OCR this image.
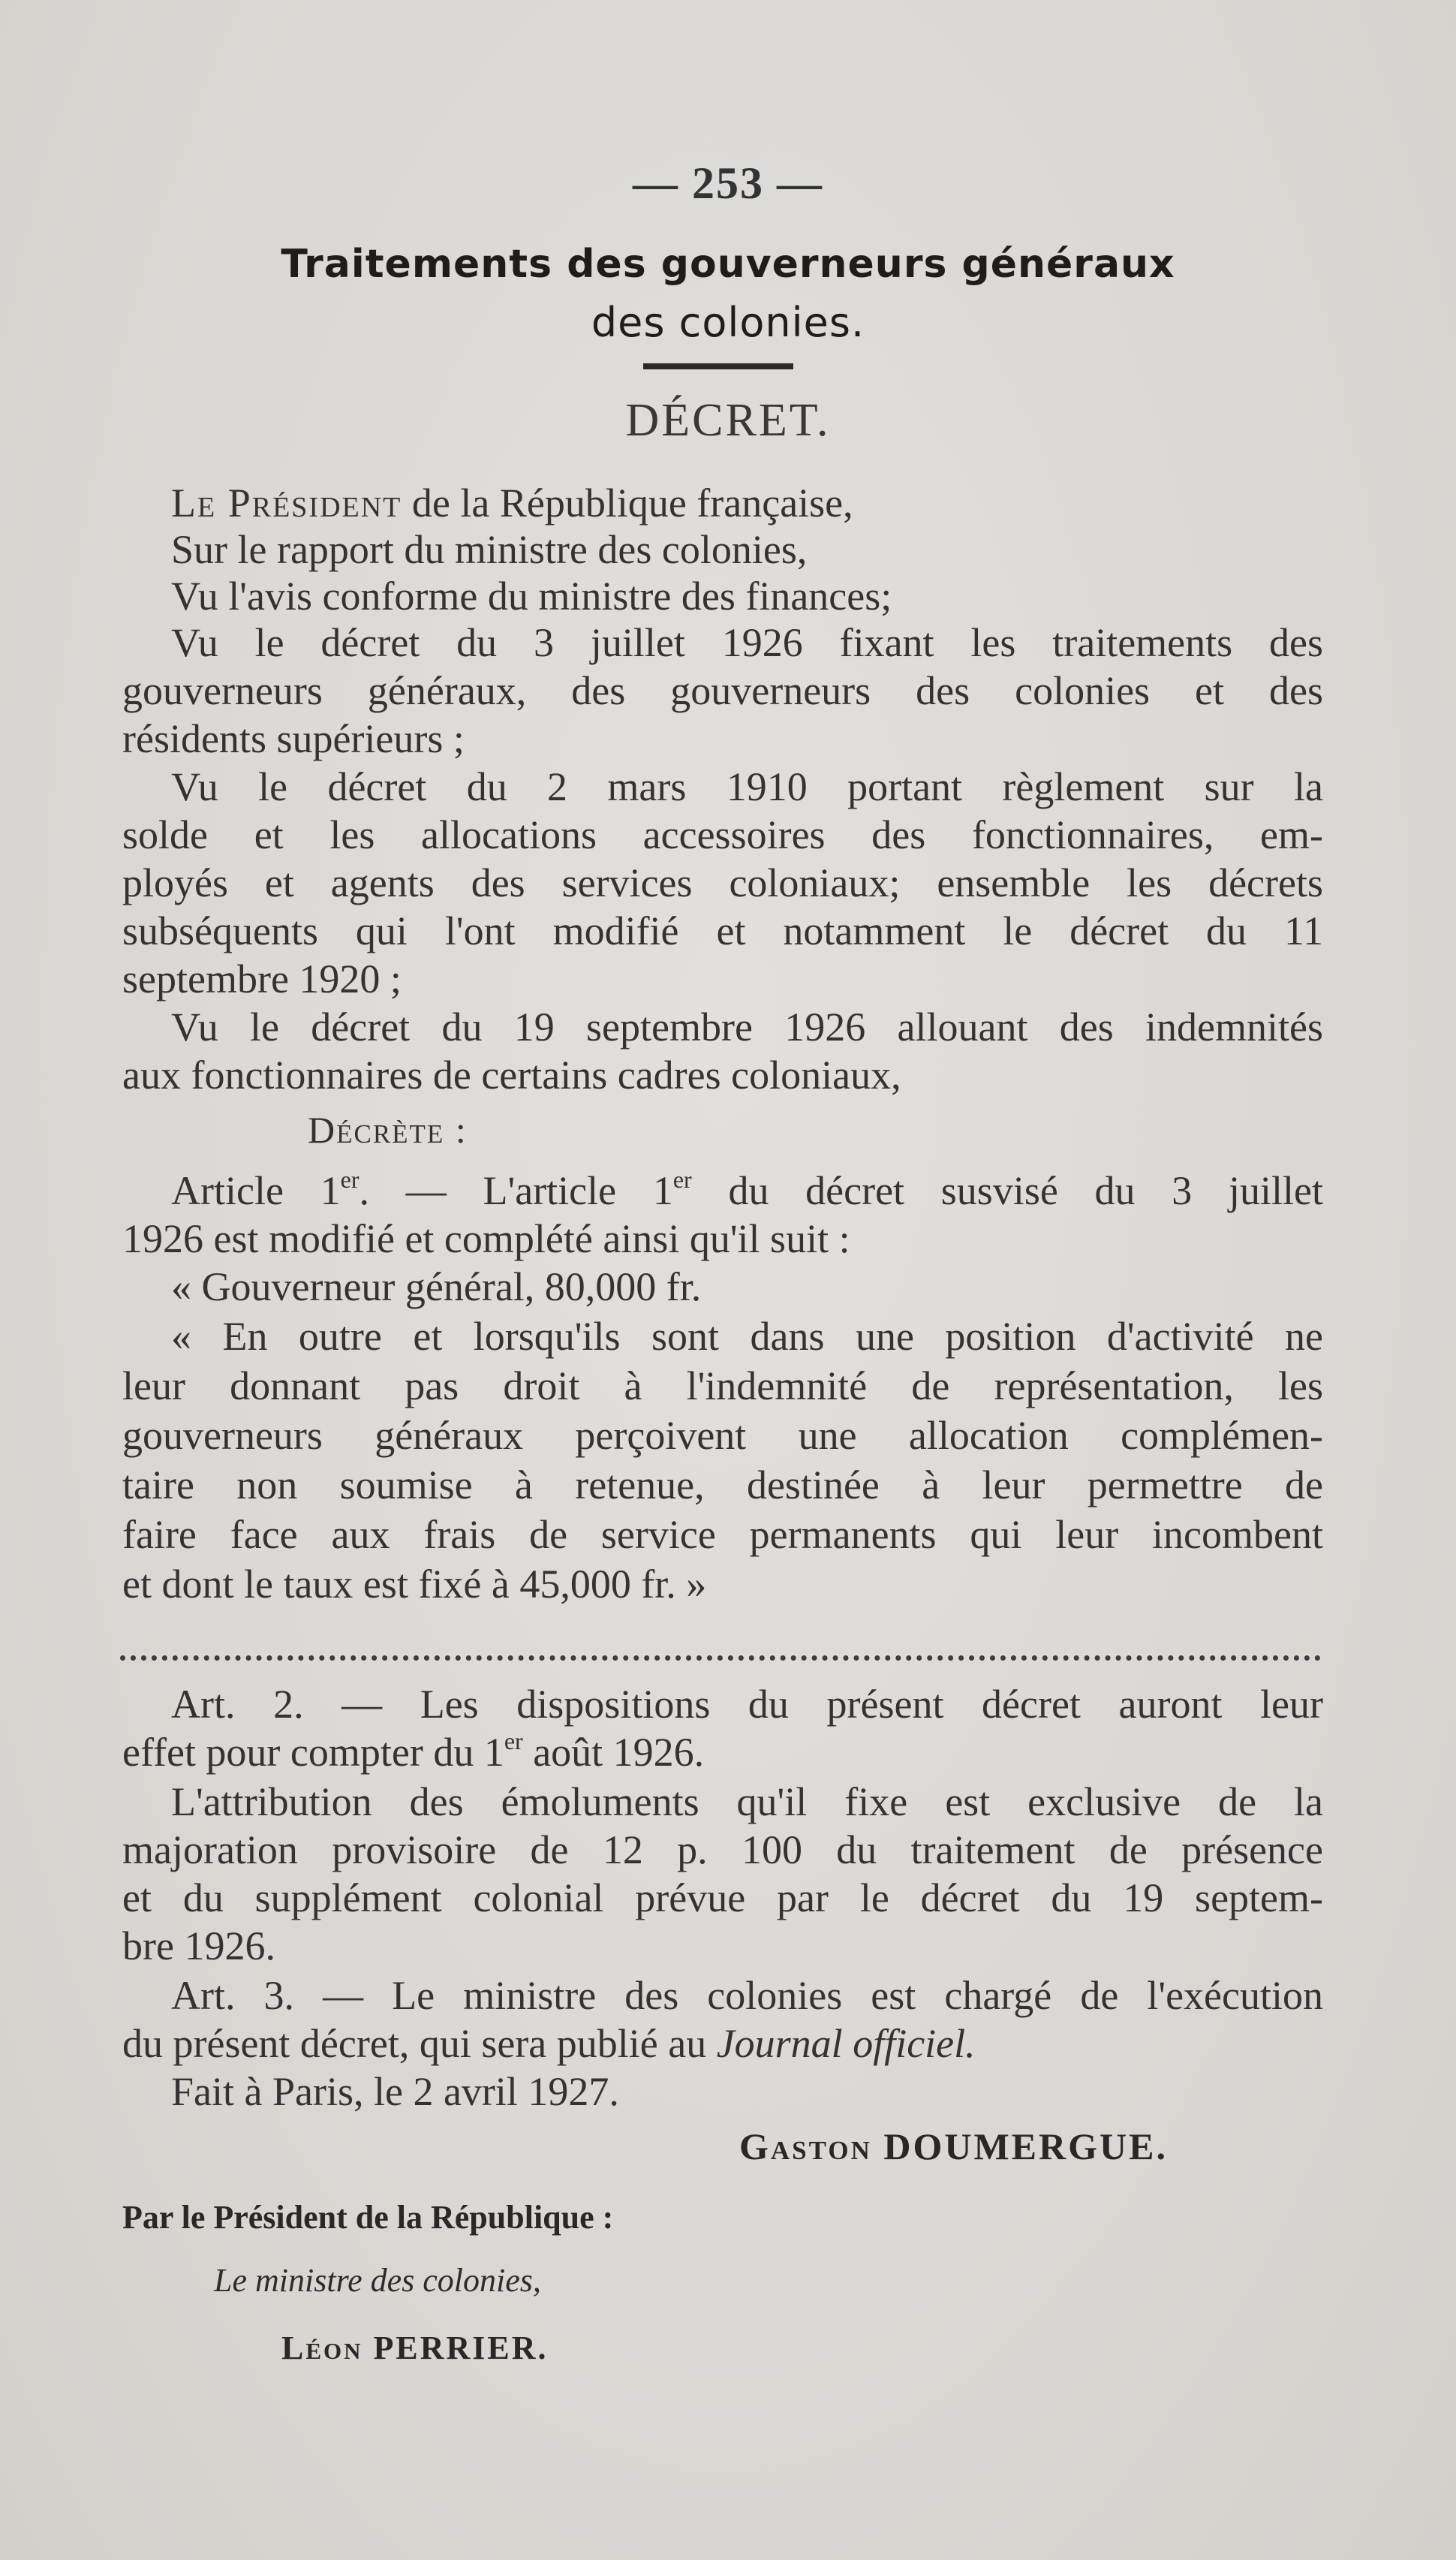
— 253 —
Traitements des gouverneurs généraux
des colonies.
DÉCRET.
Le Président de la République française,
Sur le rapport du ministre des colonies,
Vu l'avis conforme du ministre des finances;
Vu le décret du 3 juillet 1926 fixant les traitements des
gouverneurs généraux, des gouverneurs des colonies et des
résidents supérieurs ;
Vu le décret du 2 mars 1910 portant règlement sur la
solde et les allocations accessoires des fonctionnaires, em-
ployés et agents des services coloniaux; ensemble les décrets
subséquents qui l'ont modifié et notamment le décret du 11
septembre 1920 ;
Vu le décret du 19 septembre 1926 allouant des indemnités
aux fonctionnaires de certains cadres coloniaux,
Décrète :
Article 1er. — L'article 1er du décret susvisé du 3 juillet
1926 est modifié et complété ainsi qu'il suit :
« Gouverneur général, 80,000 fr.
« En outre et lorsqu'ils sont dans une position d'activité ne
leur donnant pas droit à l'indemnité de représentation, les
gouverneurs généraux perçoivent une allocation complémen-
taire non soumise à retenue, destinée à leur permettre de
faire face aux frais de service permanents qui leur incombent
et dont le taux est fixé à 45,000 fr. »
Art. 2. — Les dispositions du présent décret auront leur
effet pour compter du 1er août 1926.
L'attribution des émoluments qu'il fixe est exclusive de la
majoration provisoire de 12 p. 100 du traitement de présence
et du supplément colonial prévue par le décret du 19 septem-
bre 1926.
Art. 3. — Le ministre des colonies est chargé de l'exécution
du présent décret, qui sera publié au Journal officiel.
Fait à Paris, le 2 avril 1927.
Gaston DOUMERGUE.
Par le Président de la République :
Le ministre des colonies,
Léon PERRIER.
